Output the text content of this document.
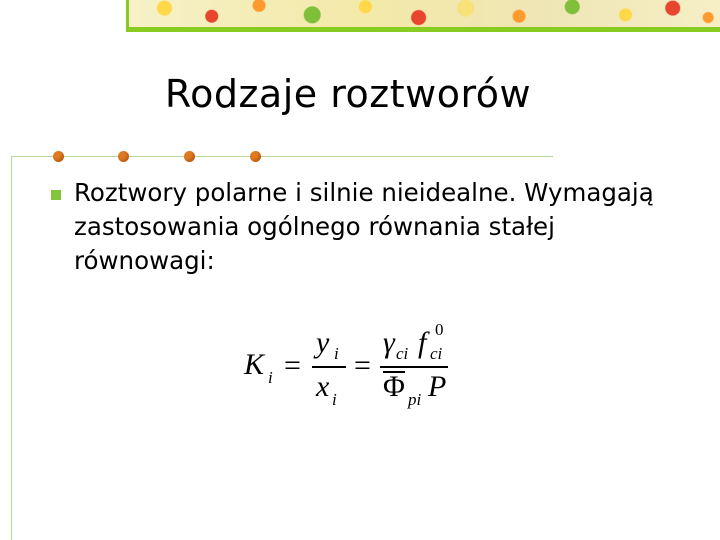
Rodzaje roztworów
Roztwory polarne i silnie nieidealne. Wymagają zastosowania ogólnego równania stałej równowagi:
K i =
y i
x i
=
γ ci f 0
ci
Φ pi P
